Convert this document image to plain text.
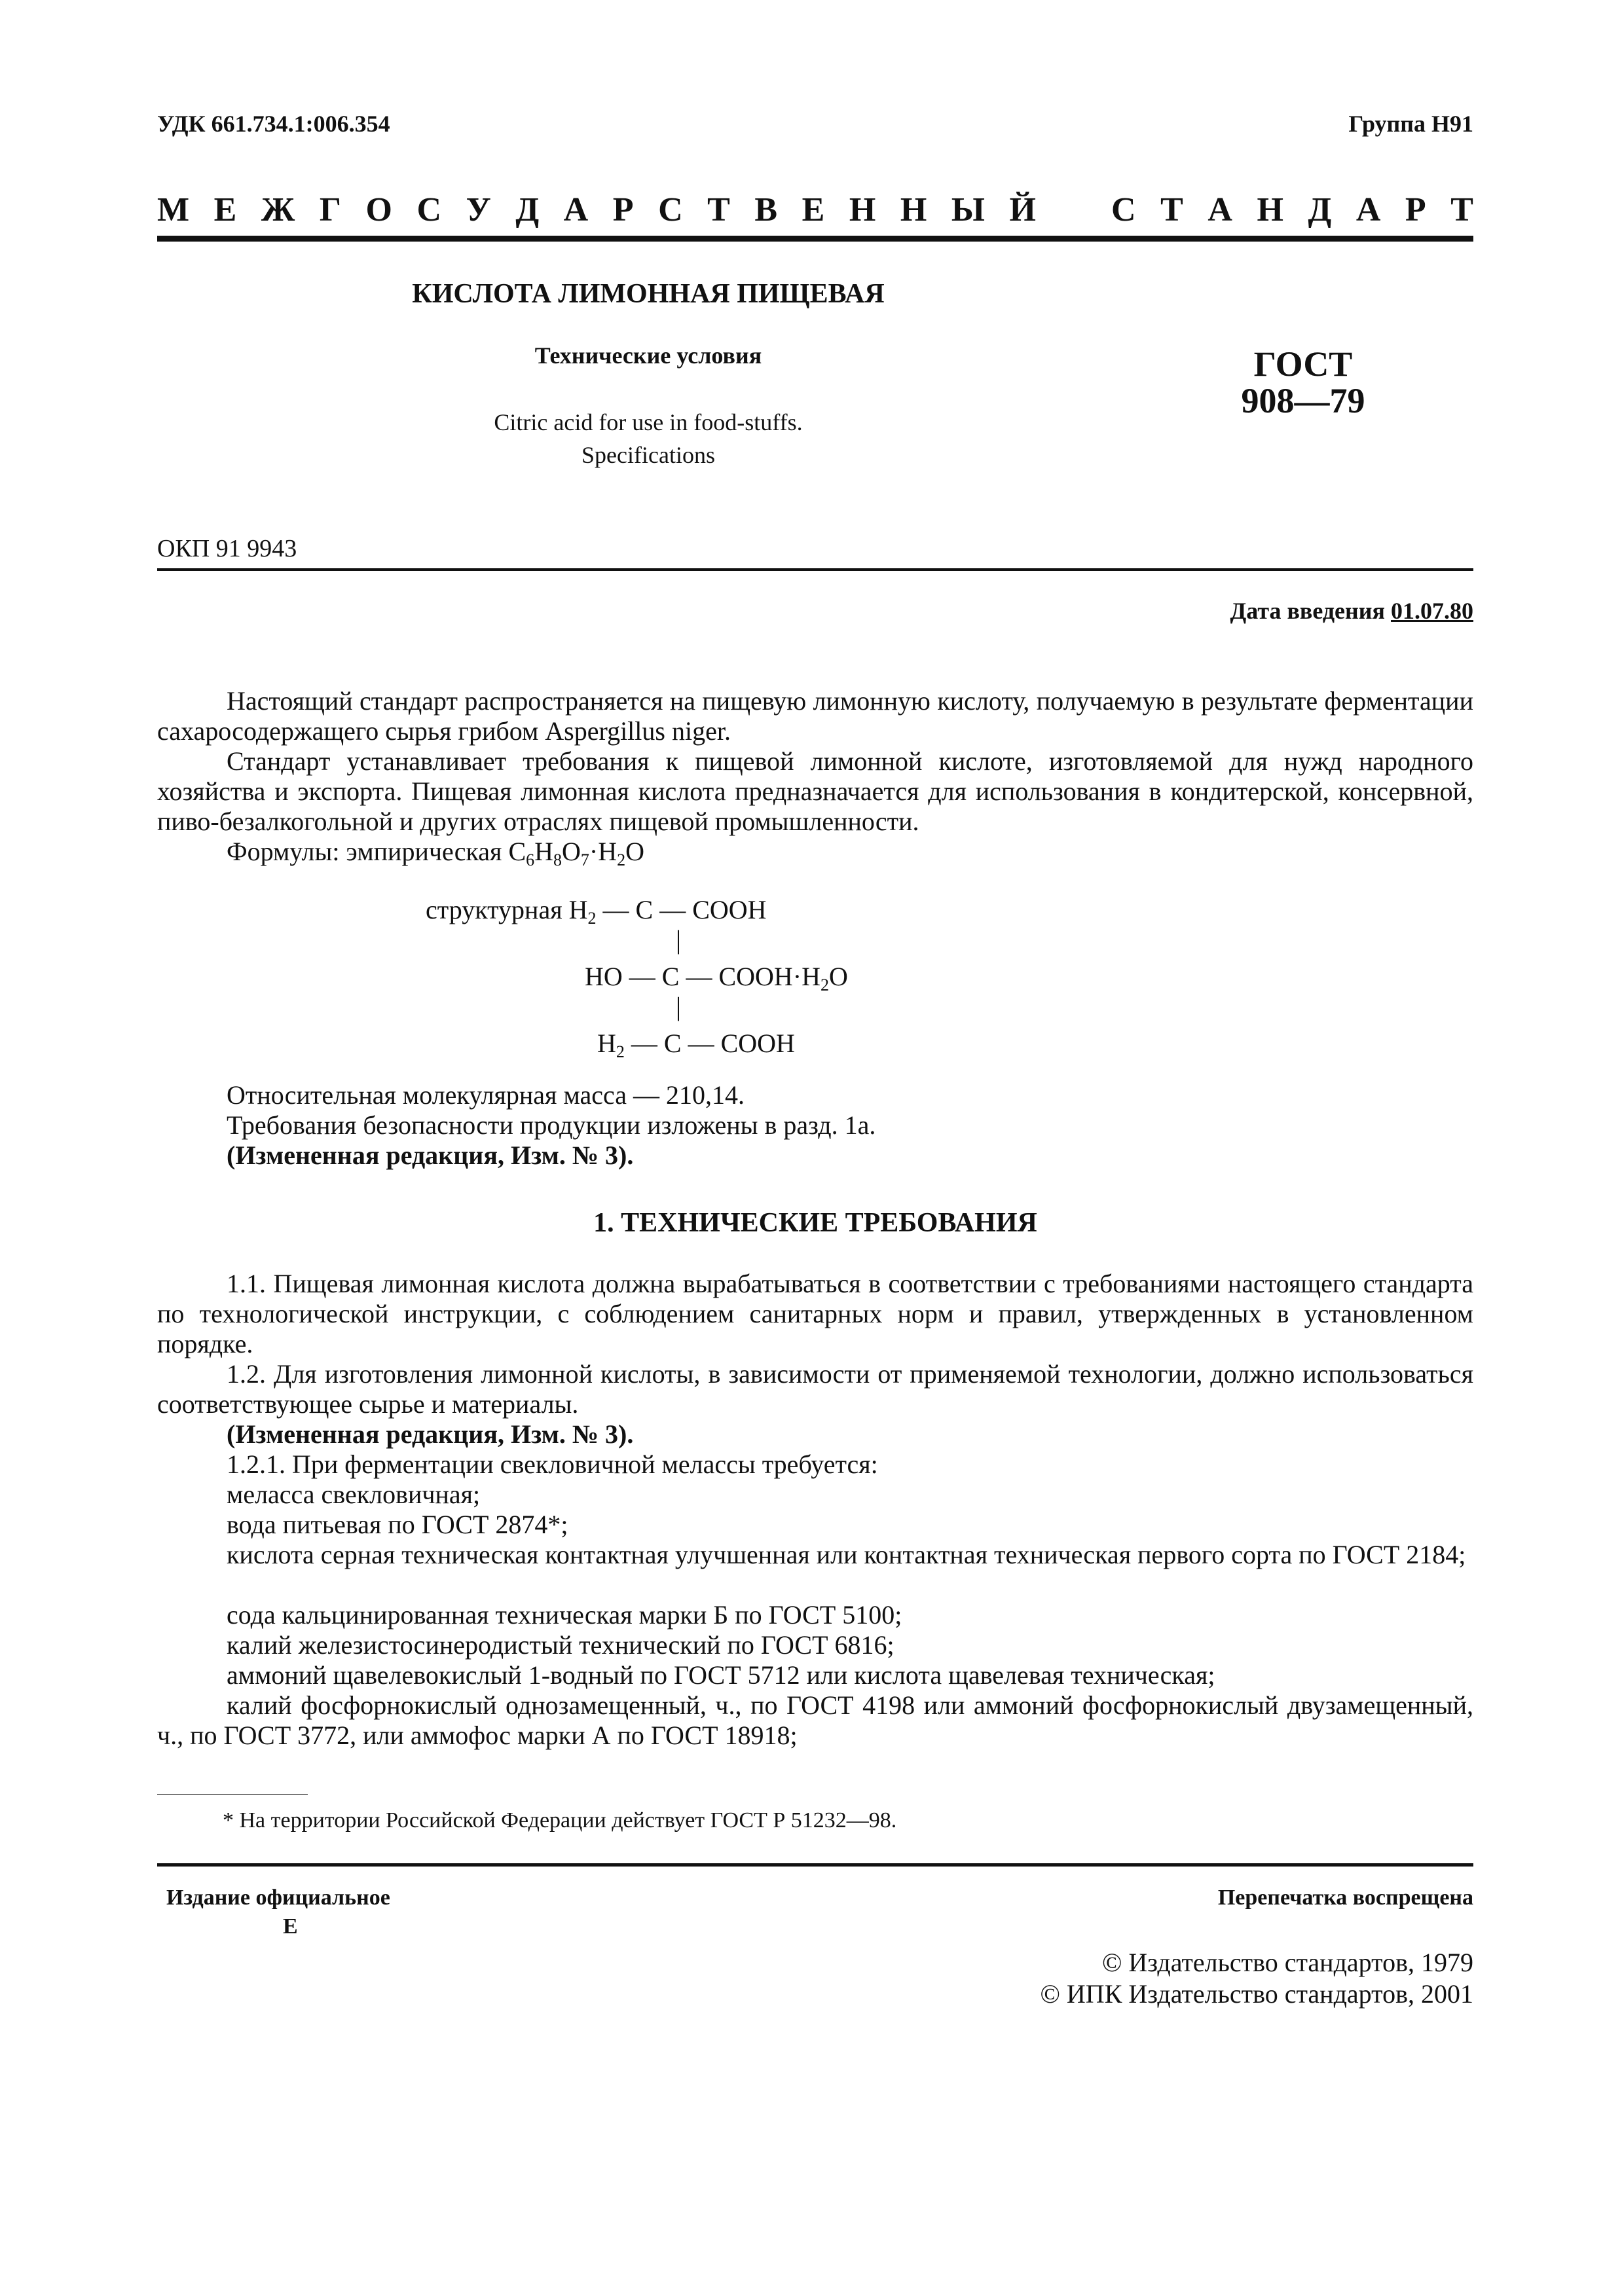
УДК 661.734.1:006.354	Группа Н91
М Е Ж Г О С У Д А Р С Т В Е Н Н Ы Й С Т А Н Д А Р Т
КИСЛОТА ЛИМОННАЯ ПИЩЕВАЯ
Технические условия
Citric acid for use in food-stuffs.
Specifications
ГОСТ
908—79
ОКП 91 9943
Дата введения 01.07.80
Настоящий стандарт распространяется на пищевую лимонную кислоту, получаемую в результате ферментации сахаросодержащего сырья грибом Aspergillus niger.
Стандарт устанавливает требования к пищевой лимонной кислоте, изготовляемой для нужд народного хозяйства и экспорта. Пищевая лимонная кислота предназначается для использования в кондитерской, консервной, пиво-безалкогольной и других отраслях пищевой промышленности.
Формулы: эмпирическая $C_6H_8O_7\cdot H_2O$
структурная $H_2$ — C — COOH
|
HO — C — $COOH\cdot H_2O$
|
$H_2$ — C — COOH
Относительная молекулярная масса — 210,14.
Требования безопасности продукции изложены в разд. 1а.
(Измененная редакция, Изм. № 3).
1. ТЕХНИЧЕСКИЕ ТРЕБОВАНИЯ
1.1. Пищевая лимонная кислота должна вырабатываться в соответствии с требованиями настоящего стандарта по технологической инструкции, с соблюдением санитарных норм и правил, утвержденных в установленном порядке.
1.2. Для изготовления лимонной кислоты, в зависимости от применяемой технологии, должно использоваться соответствующее сырье и материалы.
(Измененная редакция, Изм. № 3).
1.2.1. При ферментации свекловичной мелассы требуется:
меласса свекловичная;
вода питьевая по ГОСТ 2874*;
кислота серная техническая контактная улучшенная или контактная техническая первого сорта по ГОСТ 2184;
сода кальцинированная техническая марки Б по ГОСТ 5100;
калий железистосинеродистый технический по ГОСТ 6816;
аммоний щавелевокислый 1-водный по ГОСТ 5712 или кислота щавелевая техническая;
калий фосфорнокислый однозамещенный, ч., по ГОСТ 4198 или аммоний фосфорнокислый двузамещенный, ч., по ГОСТ 3772, или аммофос марки А по ГОСТ 18918;
* На территории Российской Федерации действует ГОСТ Р 51232—98.
Издание официальное
Е
Перепечатка воспрещена
© Издательство стандартов, 1979
© ИПК Издательство стандартов, 2001
